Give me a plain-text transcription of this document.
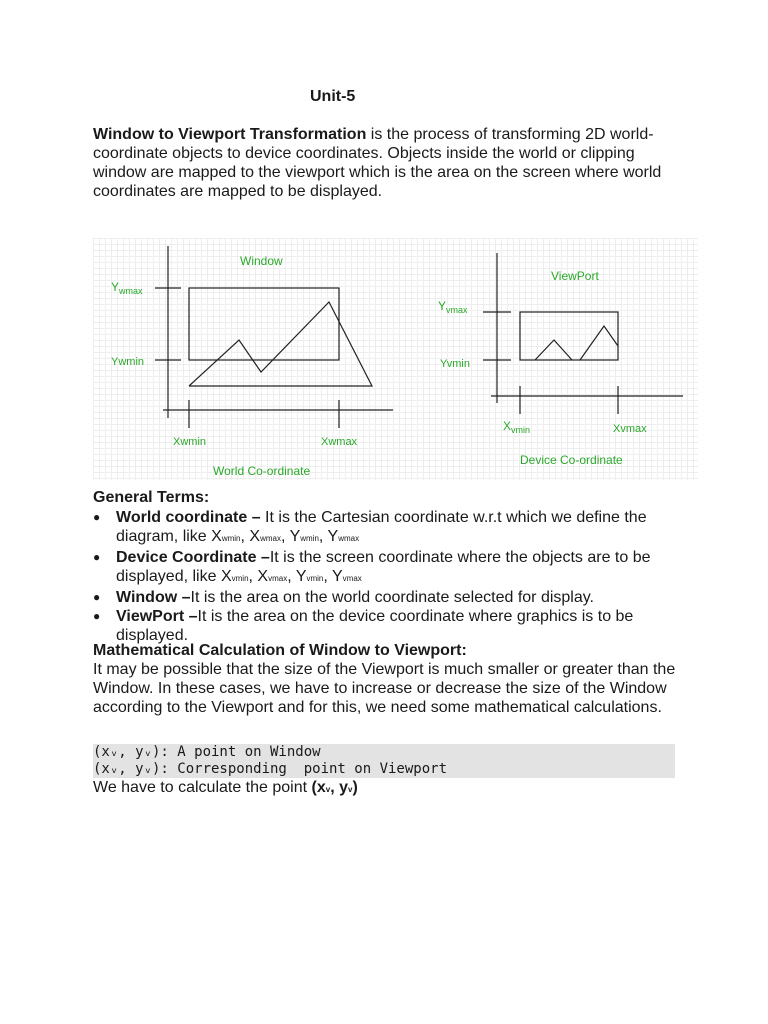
Unit-5
Window to Viewport Transformation is the process of transforming 2D world-coordinate objects to device coordinates. Objects inside the world or clipping window are mapped to the viewport which is the area on the screen where world coordinates are mapped to be displayed.
Window
$Y_{wmax}$
Ywmin
Xwmin	Xwmax
World Co-ordinate
ViewPort
$Y_{vmax}$
Yvmin
$X_{vmin}$	Xvmax
Device Co-ordinate
General Terms:
● World coordinate – It is the Cartesian coordinate w.r.t which we define the diagram, like Xwmin, Xwmax, Ywmin, Ywmax
● Device Coordinate –It is the screen coordinate where the objects are to be displayed, like Xvmin, Xvmax, Yvmin, Yvmax
● Window –It is the area on the world coordinate selected for display.
● ViewPort –It is the area on the device coordinate where graphics is to be displayed.
Mathematical Calculation of Window to Viewport:
It may be possible that the size of the Viewport is much smaller or greater than the Window. In these cases, we have to increase or decrease the size of the Window according to the Viewport and for this, we need some mathematical calculations.
(xᵥ, yᵥ): A point on Window
(xᵥ, yᵥ): Corresponding  point on Viewport
We have to calculate the point (xv, yv)
